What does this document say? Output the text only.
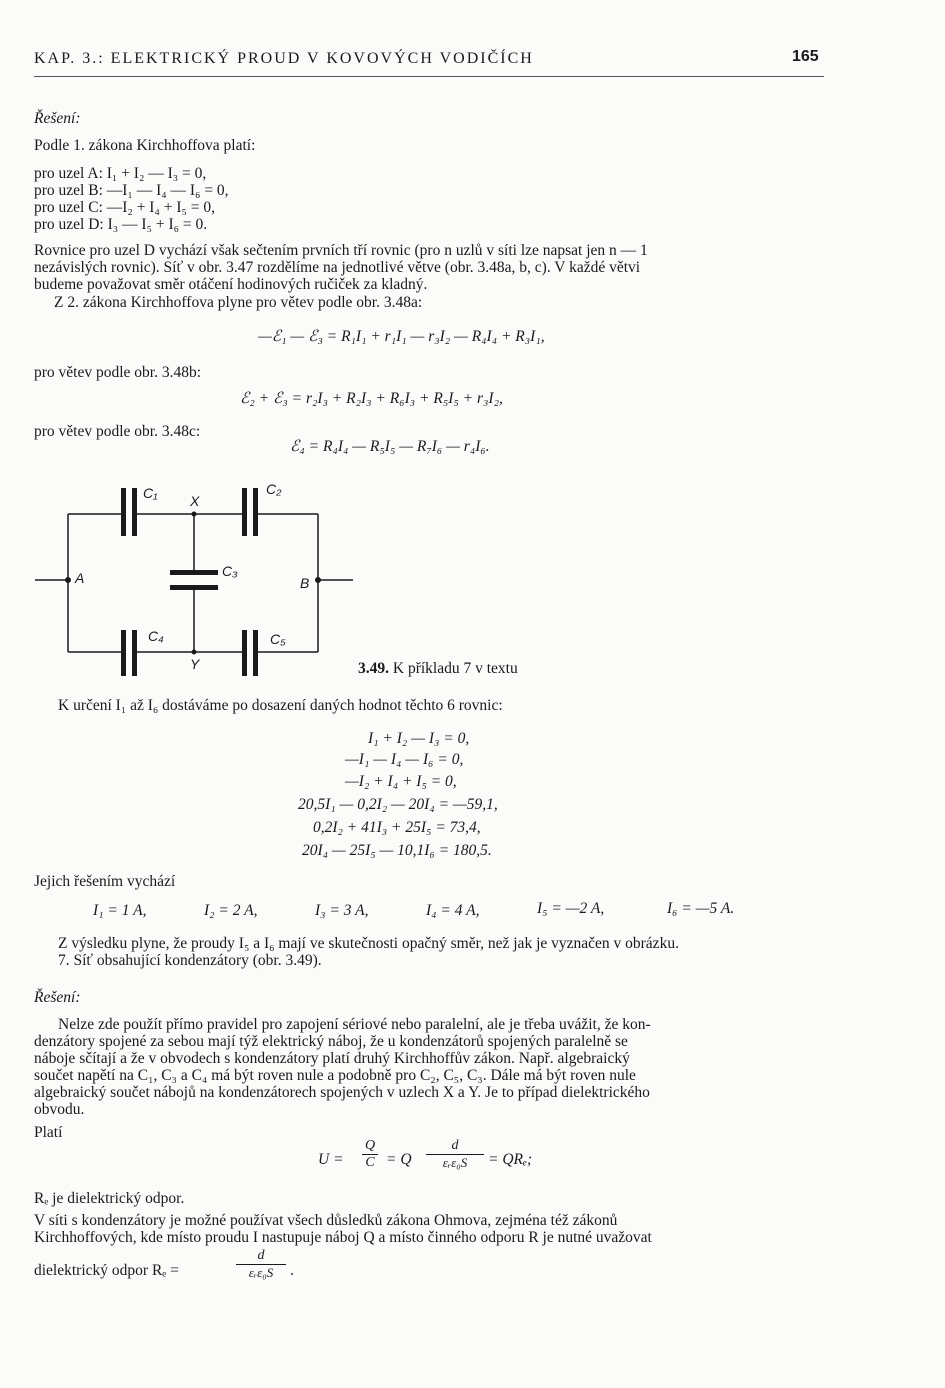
KAP. 3.: ELEKTRICKÝ PROUD V KOVOVÝCH VODIČÍCH	165
Řešení:
Podle 1. zákona Kirchhoffova platí:
pro uzel A: I₁ + I₂ — I₃ = 0,
pro uzel B: —I₁ — I₄ — I₆ = 0,
pro uzel C: —I₂ + I₄ + I₅ = 0,
pro uzel D: I₃ — I₅ + I₆ = 0.
Rovnice pro uzel D vychází však sečtením prvních tří rovnic (pro n uzlů v síti lze napsat jen n — 1
nezávislých rovnic). Síť v obr. 3.47 rozdělíme na jednotlivé větve (obr. 3.48a, b, c). V každé větvi
budeme považovat směr otáčení hodinových ručiček za kladný.
Z 2. zákona Kirchhoffova plyne pro větev podle obr. 3.48a:
—ℰ₁ — ℰ₃ = R₁I₁ + r₁I₁ — r₃I₂ — R₄I₄ + R₃I₁,
pro větev podle obr. 3.48b:
ℰ₂ + ℰ₃ = r₂I₃ + R₂I₃ + R₆I₃ + R₅I₅ + r₃I₂,
pro větev podle obr. 3.48c:
ℰ₄ = R₄I₄ — R₅I₅ — R₇I₆ — r₄I₆.
C₁	C₂
C₃
C₄	C₅
A	B
X
Y	3.49. K příkladu 7 v textu
K určení I₁ až I₆ dostáváme po dosazení daných hodnot těchto 6 rovnic:
I₁ + I₂ — I₃ = 0,
—I₁ — I₄ — I₆ = 0,
—I₂ + I₄ + I₅ = 0,
20,5I₁ — 0,2I₂ — 20I₄ = —59,1,
0,2I₂ + 41I₃ + 25I₅ = 73,4,
20I₄ — 25I₅ — 10,1I₆ = 180,5.
Jejich řešením vychází
I₁ = 1 A,	I₂ = 2 A,	I₃ = 3 A,	I₄ = 4 A,	I₅ = —2 A,	I₆ = —5 A.
Z výsledku plyne, že proudy I₅ a I₆ mají ve skutečnosti opačný směr, než jak je vyznačen v obrázku.
7. Síť obsahující kondenzátory (obr. 3.49).
Řešení:
Nelze zde použít přímo pravidel pro zapojení sériové nebo paralelní, ale je třeba uvážit, že kon-
denzátory spojené za sebou mají týž elektrický náboj, že u kondenzátorů spojených paralelně se
náboje sčítají a že v obvodech s kondenzátory platí druhý Kirchhoffův zákon. Např. algebraický
součet napětí na C₁, C₃ a C₄ má být roven nule a podobně pro C₂, C₅, C₃. Dále má být roven nule
algebraický součet nábojů na kondenzátorech spojených v uzlech X a Y. Je to případ dielektrického
obvodu.
Platí
$U = \frac{Q}{C} = Q$
d
εᵣε₀S	= QRₑ;
Rₑ je dielektrický odpor.
V síti s kondenzátory je možné používat všech důsledků zákona Ohmova, zejména též zákonů
Kirchhoffových, kde místo proudu I nastupuje náboj Q a místo činného odporu R je nutné uvažovat
dielektrický odpor Rₑ =
d
εᵣε₀S	.
